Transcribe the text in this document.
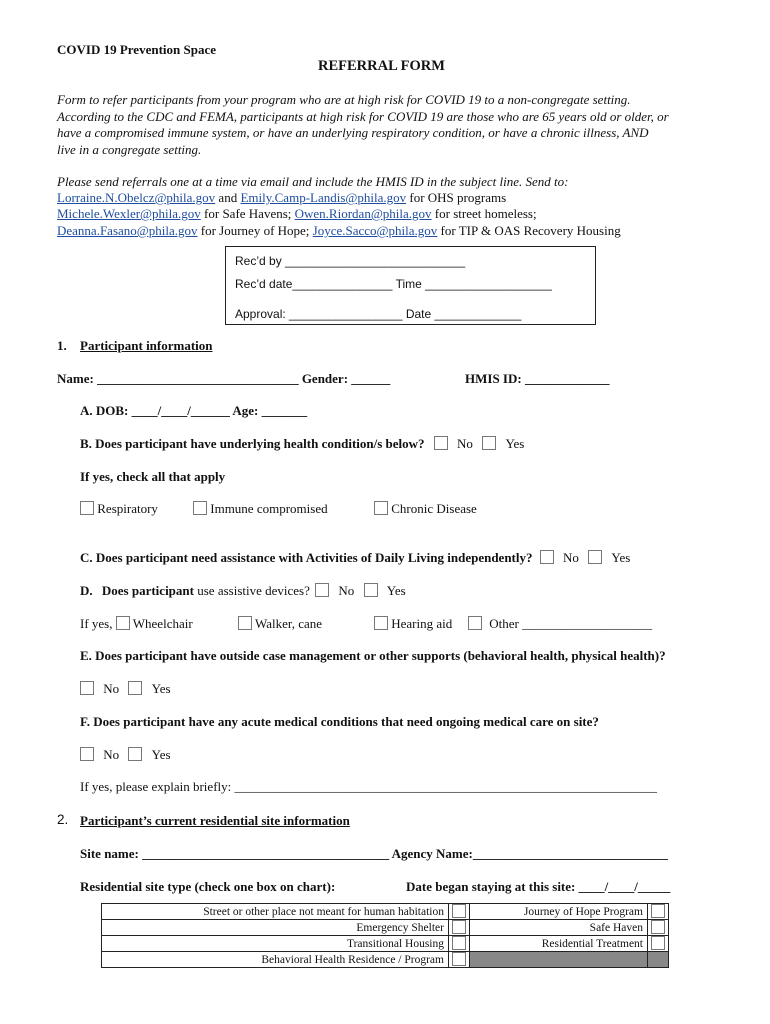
COVID 19 Prevention Space
REFERRAL FORM
Form to refer participants from your program who are at high risk for COVID 19 to a non-congregate setting.
According to the CDC and FEMA, participants at high risk for COVID 19 are those who are 65 years old or older, or
have a compromised immune system, or have an underlying respiratory condition, or have a chronic illness, AND
live in a congregate setting.
Please send referrals one at a time via email and include the HMIS ID in the subject line. Send to:
Lorraine.N.Obelcz@phila.gov and Emily.Camp-Landis@phila.gov for OHS programs
Michele.Wexler@phila.gov for Safe Havens; Owen.Riordan@phila.gov for street homeless;
Deanna.Fasano@phila.gov for Journey of Hope; Joyce.Sacco@phila.gov for TIP & OAS Recovery Housing
Rec’d by ___________________________
Rec’d date_______________ Time ___________________
Approval: _________________ Date _____________
1. Participant information
Name: _______________________________ Gender: ______	HMIS ID: _____________
A. DOB: ____/____/______ Age: _______
B. Does participant have underlying health condition/s below?	No	Yes
If yes, check all that apply
Respiratory	Immune compromised	Chronic Disease
C. Does participant need assistance with Activities of Daily Living independently? No	Yes
D. Does participant use assistive devices? No	Yes
If yes, Wheelchair	Walker, cane	Hearing aid	Other ____________________
E. Does participant have outside case management or other supports (behavioral health, physical health)?
No	Yes
F. Does participant have any acute medical conditions that need ongoing medical care on site?
No	Yes
If yes, please explain briefly: _________________________________________________________________
2. Participant’s current residential site information
Site name: ______________________________________ Agency Name:______________________________
Residential site type (check one box on chart):	Date began staying at this site: ____/____/_____
Street or other place not meant for human habitation		Journey of Hope Program	
Emergency Shelter		Safe Haven	
Transitional Housing		Residential Treatment	
Behavioral Health Residence / Program			
